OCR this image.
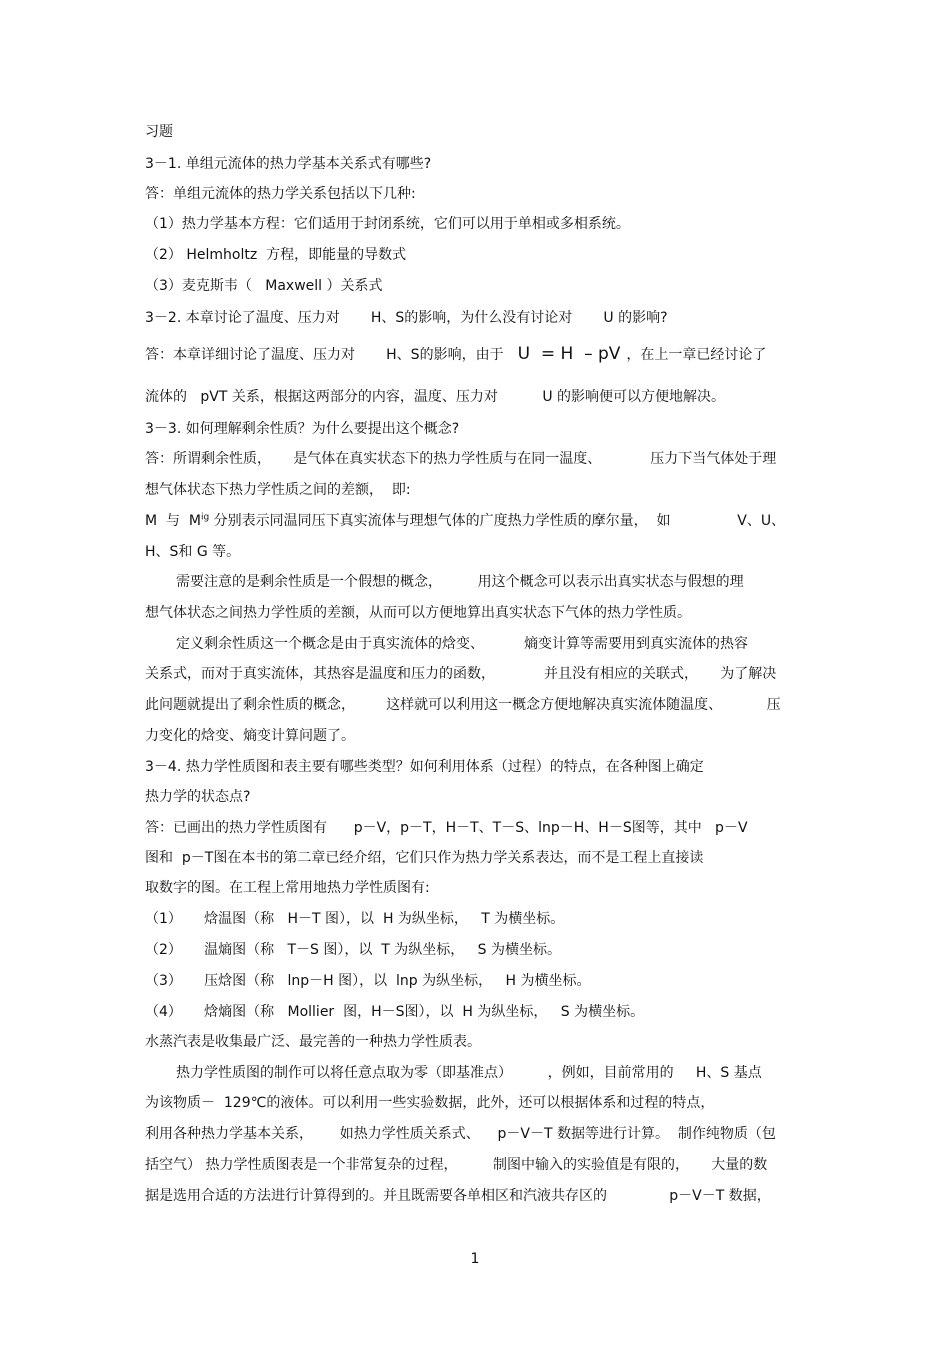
习题
3－1. 单组元流体的热力学基本关系式有哪些?
答：单组元流体的热力学关系包括以下几种:
（1）热力学基本方程：它们适用于封闭系统，它们可以用于单相或多相系统。
（2） Helmholtz  方程，即能量的导数式
（3）麦克斯韦（   Maxwell ）关系式
3－2. 本章讨论了温度、压力对       H、S的影响，为什么没有讨论对       U 的影响?
答：本章详细讨论了温度、压力对       H、S的影响，由于 U  = H  – pV ，在上一章已经讨论了
流体的   pVT 关系，根据这两部分的内容，温度、压力对          U 的影响便可以方便地解决。
3－3. 如何理解剩余性质？为什么要提出这个概念?
答：所谓剩余性质，     是气体在真实状态下的热力学性质与在同一温度、           压力下当气体处于理
想气体状态下热力学性质之间的差额，  即:
M  与  $M^{ig}$ 分别表示同温同压下真实流体与理想气体的广度热力学性质的摩尔量，  如               V、U、
H、S和 G 等。
需要注意的是剩余性质是一个假想的概念，        用这个概念可以表示出真实状态与假想的理
想气体状态之间热力学性质的差额，从而可以方便地算出真实状态下气体的热力学性质。
定义剩余性质这一个概念是由于真实流体的焓变、         熵变计算等需要用到真实流体的热容
关系式，而对于真实流体，其热容是温度和压力的函数，           并且没有相应的关联式，     为了解决
此问题就提出了剩余性质的概念，       这样就可以利用这一概念方便地解决真实流体随温度、          压
力变化的焓变、熵变计算问题了。
3－4. 热力学性质图和表主要有哪些类型？如何利用体系（过程）的特点，在各种图上确定
热力学的状态点?
答：已画出的热力学性质图有      p－V，p－T，H－T、T－S、lnp－H、H－S图等，其中   p－V
图和  p－T图在本书的第二章已经介绍，它们只作为热力学关系表达，而不是工程上直接读
取数字的图。在工程上常用地热力学性质图有:
（1）     焓温图（称   H－T 图），以  H 为纵坐标，   T 为横坐标。
（2）     温熵图（称   T－S 图），以  T 为纵坐标，   S 为横坐标。
（3）     压焓图（称   lnp－H 图），以  lnp 为纵坐标，   H 为横坐标。
（4）     焓熵图（称   Mollier  图，H－S图），以  H 为纵坐标，   S 为横坐标。
水蒸汽表是收集最广泛、最完善的一种热力学性质表。
热力学性质图的制作可以将任意点取为零（即基准点）        ，例如，目前常用的     H、S 基点
为该物质－  129℃的液体。可以利用一些实验数据，此外，还可以根据体系和过程的特点，
利用各种热力学基本关系，      如热力学性质关系式、    p－V－T 数据等进行计算。  制作纯物质（包
括空气） 热力学性质图表是一个非常复杂的过程，        制图中输入的实验值是有限的，     大量的数
据是选用合适的方法进行计算得到的。并且既需要各单相区和汽液共存区的              p－V－T 数据，
1
